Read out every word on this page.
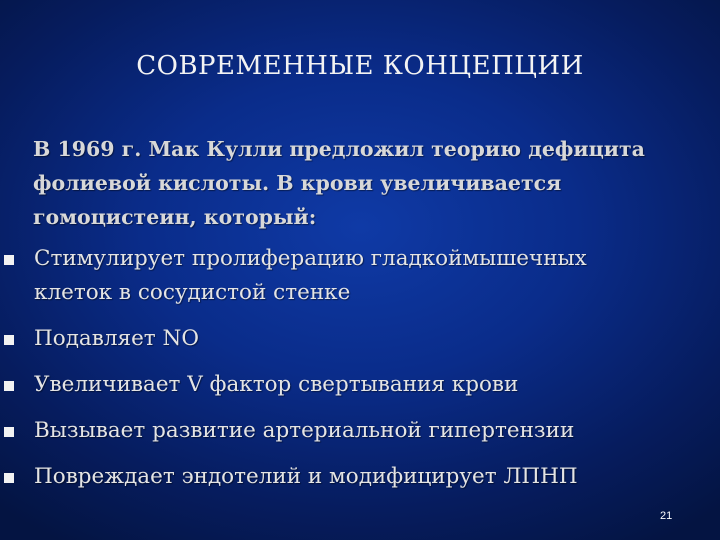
СОВРЕМЕННЫЕ КОНЦЕПЦИИ
В 1969 г. Мак Кулли предложил теорию дефицита
фолиевой кислоты. В крови увеличивается
гомоцистеин, который:
Стимулирует пролиферацию гладкоймышечных
клеток в сосудистой стенке
Подавляет NO
Увеличивает V фактор свертывания крови
Вызывает развитие артериальной гипертензии
Повреждает эндотелий и модифицирует ЛПНП
21
